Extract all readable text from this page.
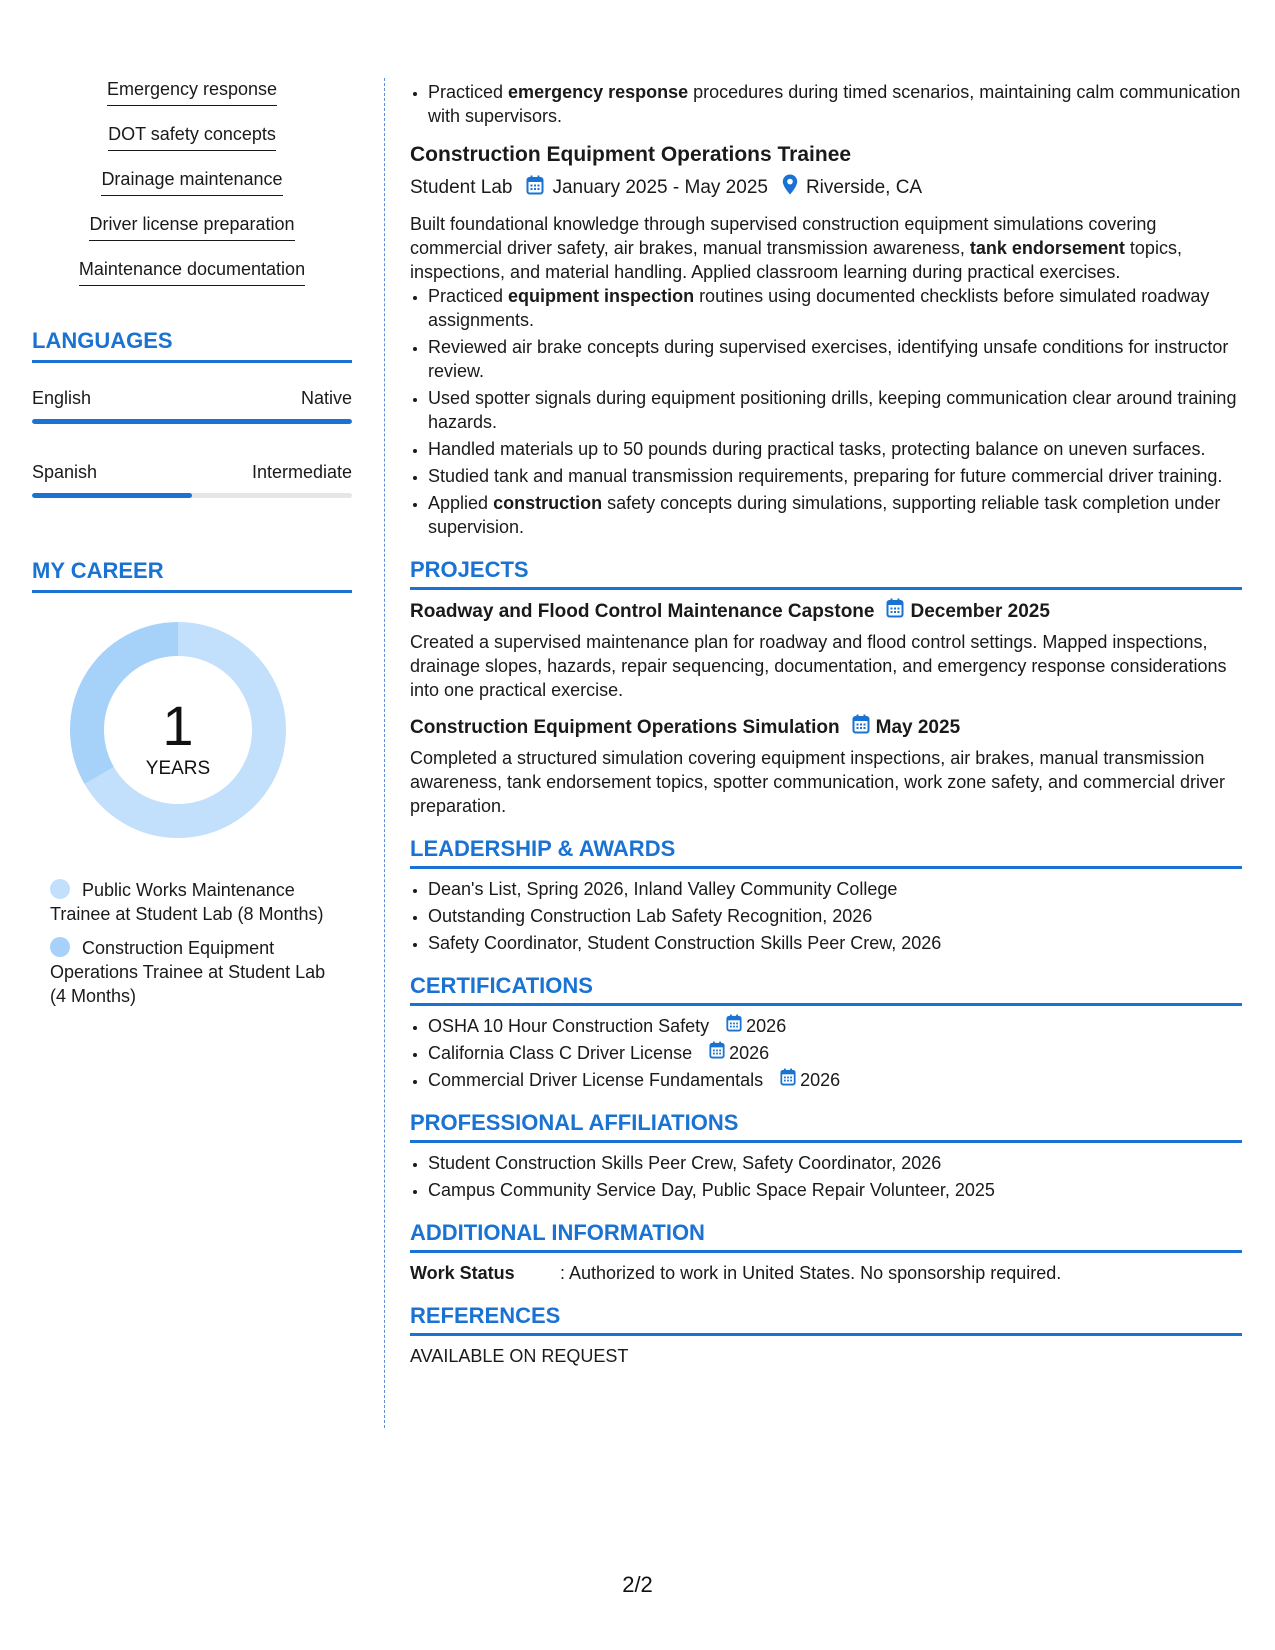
Emergency response
DOT safety concepts
Drainage maintenance
Driver license preparation
Maintenance documentation
LANGUAGES
English	Native
Spanish	Intermediate
MY CAREER
1
YEARS
Public Works Maintenance Trainee at Student Lab (8 Months)
Construction Equipment Operations Trainee at Student Lab (4 Months)
• Practiced emergency response procedures during timed scenarios, maintaining calm communication with supervisors.
Construction Equipment Operations Trainee
Student Lab January 2025 - May 2025 Riverside, CA

Built foundational knowledge through supervised construction equipment simulations covering commercial driver safety, air brakes, manual transmission awareness, tank endorsement topics, inspections, and material handling. Applied classroom learning during practical exercises.

• Practiced equipment inspection routines using documented checklists before simulated roadway assignments.
• Reviewed air brake concepts during supervised exercises, identifying unsafe conditions for instructor review.
• Used spotter signals during equipment positioning drills, keeping communication clear around training hazards.
• Handled materials up to 50 pounds during practical tasks, protecting balance on uneven surfaces.
• Studied tank and manual transmission requirements, preparing for future commercial driver training.
• Applied construction safety concepts during simulations, supporting reliable task completion under supervision.
PROJECTS
Roadway and Flood Control Maintenance Capstone December 2025
Created a supervised maintenance plan for roadway and flood control settings. Mapped inspections, drainage slopes, hazards, repair sequencing, documentation, and emergency response considerations into one practical exercise.
Construction Equipment Operations Simulation May 2025
Completed a structured simulation covering equipment inspections, air brakes, manual transmission awareness, tank endorsement topics, spotter communication, work zone safety, and commercial driver preparation.
LEADERSHIP & AWARDS
• Dean's List, Spring 2026, Inland Valley Community College
• Outstanding Construction Lab Safety Recognition, 2026
• Safety Coordinator, Student Construction Skills Peer Crew, 2026
CERTIFICATIONS
• OSHA 10 Hour Construction Safety 2026
• California Class C Driver License 2026
• Commercial Driver License Fundamentals 2026
PROFESSIONAL AFFILIATIONS
• Student Construction Skills Peer Crew, Safety Coordinator, 2026
• Campus Community Service Day, Public Space Repair Volunteer, 2025
ADDITIONAL INFORMATION
Work Status	: Authorized to work in United States. No sponsorship required.
REFERENCES
AVAILABLE ON REQUEST
2/2
